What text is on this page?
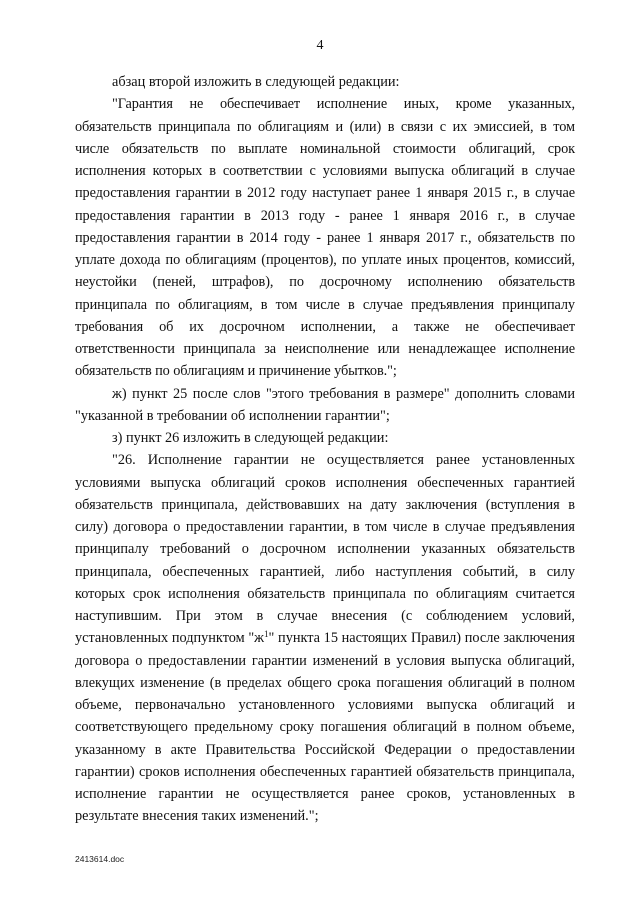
4

абзац второй изложить в следующей редакции:

"Гарантия не обеспечивает исполнение иных, кроме указанных, обязательств принципала по облигациям и (или) в связи с их эмиссией, в том числе обязательств по выплате номинальной стоимости облигаций, срок исполнения которых в соответствии с условиями выпуска облигаций в случае предоставления гарантии в 2012 году наступает ранее 1 января 2015 г., в случае предоставления гарантии в 2013 году - ранее 1 января 2016 г., в случае предоставления гарантии в 2014 году - ранее 1 января 2017 г., обязательств по уплате дохода по облигациям (процентов), по уплате иных процентов, комиссий, неустойки (пеней, штрафов), по досрочному исполнению обязательств принципала по облигациям, в том числе в случае предъявления принципалу требования об их досрочном исполнении, а также не обеспечивает ответственности принципала за неисполнение или ненадлежащее исполнение обязательств по облигациям и причинение убытков.";

ж) пункт 25 после слов "этого требования в размере" дополнить словами "указанной в требовании об исполнении гарантии";

з) пункт 26 изложить в следующей редакции:

"26. Исполнение гарантии не осуществляется ранее установленных условиями выпуска облигаций сроков исполнения обеспеченных гарантией обязательств принципала, действовавших на дату заключения (вступления в силу) договора о предоставлении гарантии, в том числе в случае предъявления принципалу требований о досрочном исполнении указанных обязательств принципала, обеспеченных гарантией, либо наступления событий, в силу которых срок исполнения обязательств принципала по облигациям считается наступившим. При этом в случае внесения (с соблюдением условий, установленных подпунктом "$ж^1$" пункта 15 настоящих Правил) после заключения договора о предоставлении гарантии изменений в условия выпуска облигаций, влекущих изменение (в пределах общего срока погашения облигаций в полном объеме, первоначально установленного условиями выпуска облигаций и соответствующего предельному сроку погашения облигаций в полном объеме, указанному в акте Правительства Российской Федерации о предоставлении гарантии) сроков исполнения обеспеченных гарантией обязательств принципала, исполнение гарантии не осуществляется ранее сроков, установленных в результате внесения таких изменений.";

2413614.doc
